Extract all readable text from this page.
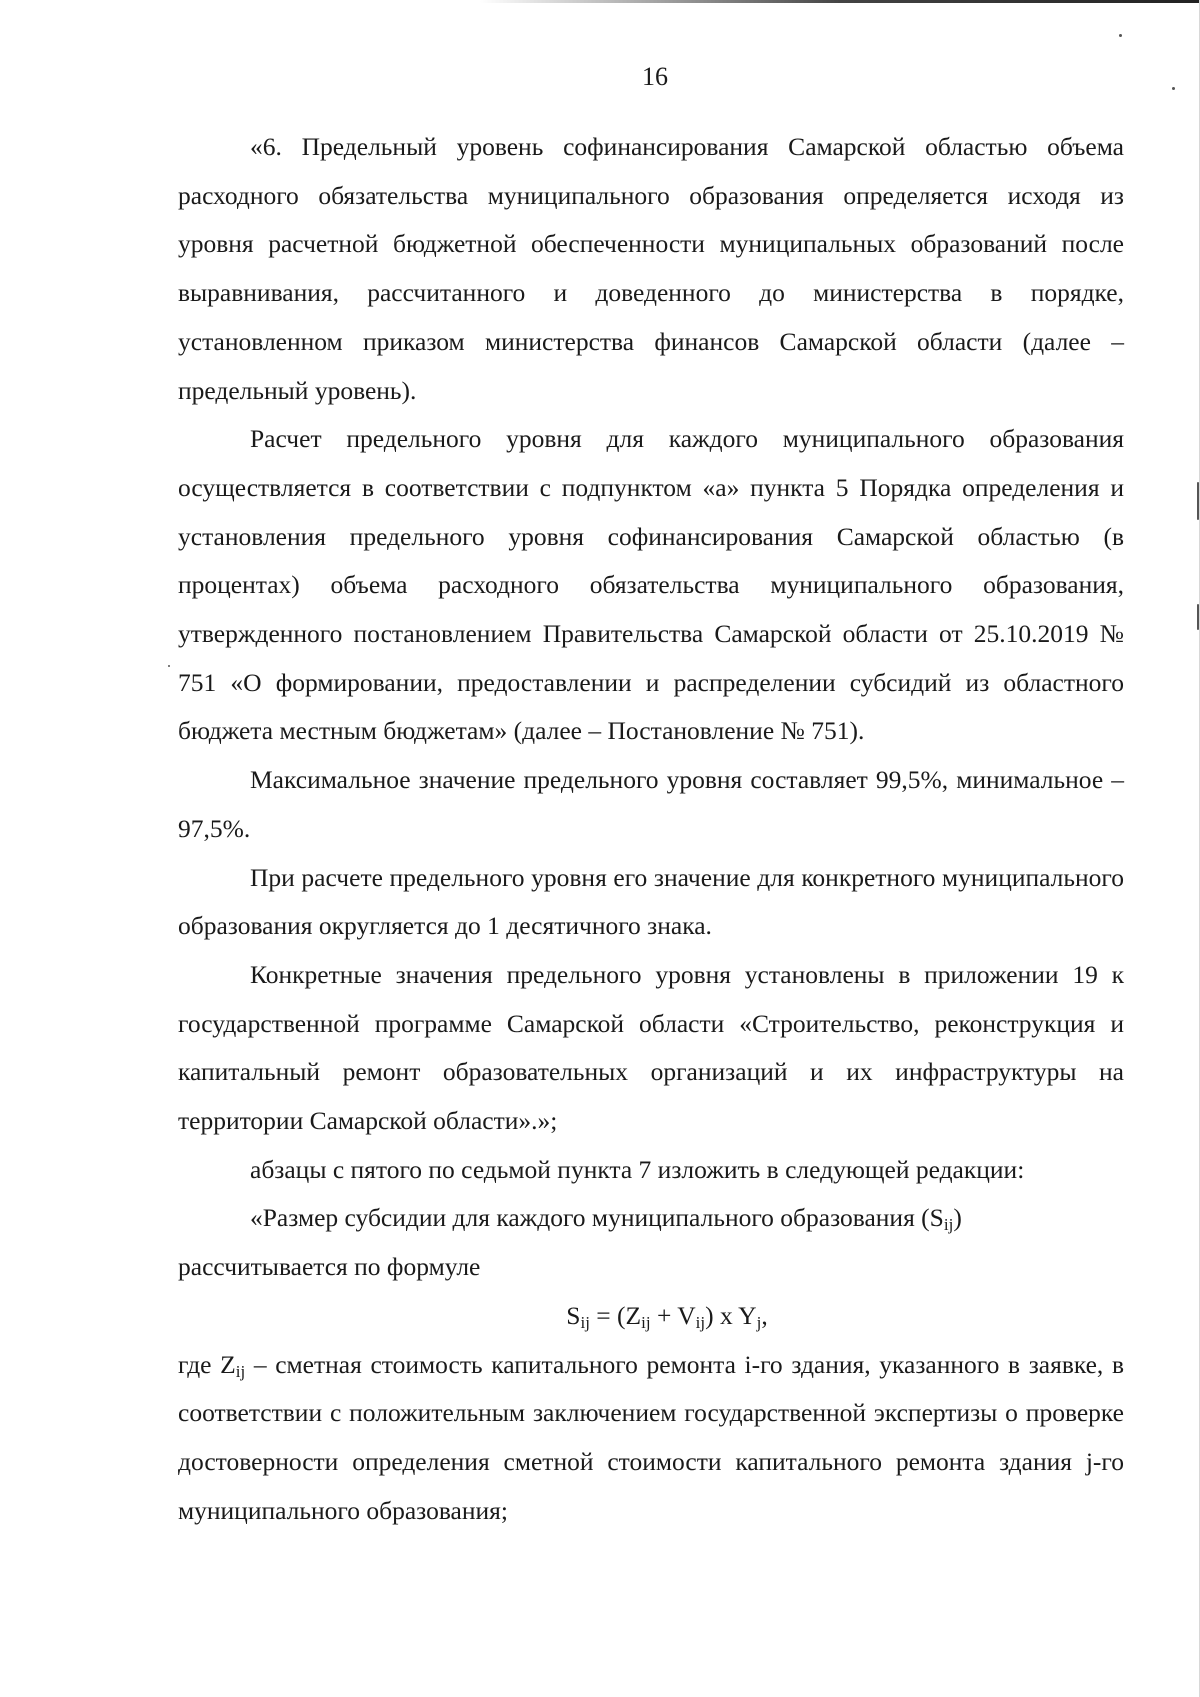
16

«6. Предельный уровень софинансирования Самарской областью объема расходного обязательства муниципального образования определяется исходя из уровня расчетной бюджетной обеспеченности муниципальных образований после выравнивания, рассчитанного и доведенного до министерства в порядке, установленном приказом министерства финансов Самарской области (далее – предельный уровень).

Расчет предельного уровня для каждого муниципального образования осуществляется в соответствии с подпунктом «а» пункта 5 Порядка определения и установления предельного уровня софинансирования Самарской областью (в процентах) объема расходного обязательства муниципального образования, утвержденного постановлением Правительства Самарской области от 25.10.2019 № 751 «О формировании, предоставлении и распределении субсидий из областного бюджета местным бюджетам» (далее – Постановление № 751).

Максимальное значение предельного уровня составляет 99,5%, минимальное – 97,5%.

При расчете предельного уровня его значение для конкретного муниципального образования округляется до 1 десятичного знака.

Конкретные значения предельного уровня установлены в приложении 19 к государственной программе Самарской области «Строительство, реконструкция и капитальный ремонт образовательных организаций и их инфраструктуры на территории Самарской области».»;

абзацы с пятого по седьмой пункта 7 изложить в следующей редакции:

«Размер субсидии для каждого муниципального образования $(S_{ij})$

рассчитывается по формуле

$S_{ij} = (Z_{ij} + V_{ij})$ x $Y_j$,

где $Z_{ij}$ – сметная стоимость капитального ремонта i-го здания, указанного в заявке, в соответствии с положительным заключением государственной экспертизы о проверке достоверности определения сметной стоимости капитального ремонта здания j-го муниципального образования;
